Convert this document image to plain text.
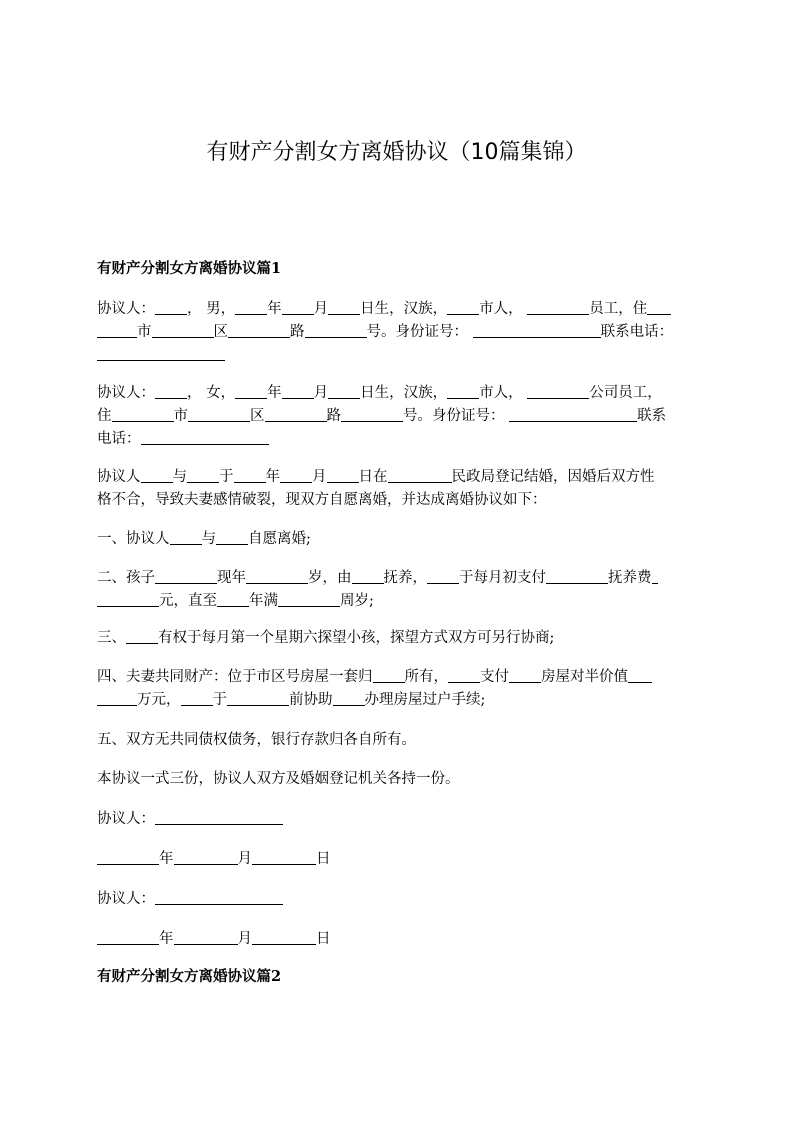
有财产分割女方离婚协议（10篇集锦）
有财产分割女方离婚协议篇1
协议人： ， 男， 年 月 日生，汉族， 市人，	员工，住
市	区	路	号。身份证号：	联系电话：
协议人： ， 女， 年 月 日生，汉族， 市人，	公司员工，
住	市	区	路	号。身份证号：	联系
电话：
协议人 与 于 年 月 日在	民政局登记结婚，因婚后双方性
格不合，导致夫妻感情破裂，现双方自愿离婚，并达成离婚协议如下：
一、协议人 与 自愿离婚;
二、孩子	现年	岁，由 抚养， 于每月初支付	抚养费
元，直至 年满	周岁;
三、 有权于每月第一个星期六探望小孩，探望方式双方可另行协商;
四、夫妻共同财产：位于市区号房屋一套归 所有， 支付 房屋对半价值
万元， 于	前协助 办理房屋过户手续;
五、双方无共同债权债务，银行存款归各自所有。
本协议一式三份，协议人双方及婚姻登记机关各持一份。
协议人：
年	月	日
协议人：
年	月	日
有财产分割女方离婚协议篇2
